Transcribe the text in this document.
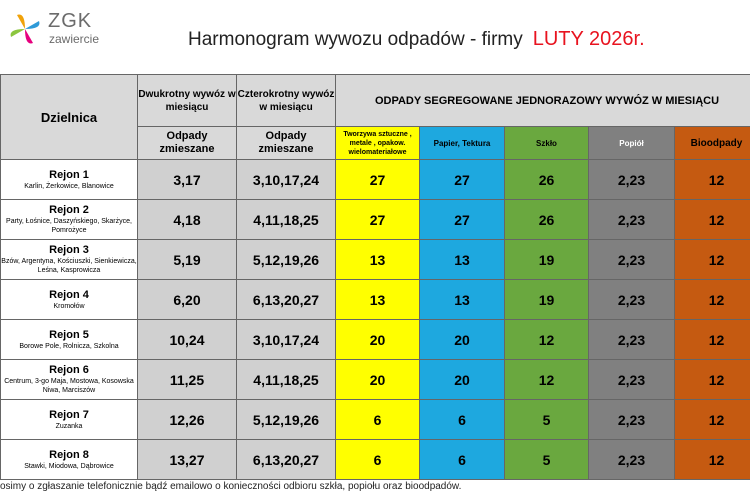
ZGK
zawiercie	Harmonogram wywozu odpadów - firmy LUTY 2026r.
Dzielnica	Dwukrotny wywóz w miesiącu	Czterokrotny wywóz w miesiącu	ODPADY SEGREGOWANE JEDNORAZOWY WYWÓZ W MIESIĄCU				
	Odpady zmieszane	Odpady zmieszane	Tworzywa sztuczne , metale , opakow. wielomateriałowe	Papier, Tektura	Szkło	Popiół	Bioodpady

Rejon 1
Karlin, Żerkowice, Blanowice	3,17	3,10,17,24	27	27	26	2,23	12

Rejon 2
Party, Łośnice, Daszyńskiego, Skarżyce, Pomrożyce	4,18	4,11,18,25	27	27	26	2,23	12

Rejon 3
Bzów, Argentyna, Kościuszki, Sienkiewicza, Leśna, Kasprowicza	5,19	5,12,19,26	13	13	19	2,23	12

Rejon 4
Kromołów	6,20	6,13,20,27	13	13	19	2,23	12

Rejon 5
Borowe Pole, Rolnicza, Szkolna	10,24	3,10,17,24	20	20	12	2,23	12

Rejon 6
Centrum, 3-go Maja, Mostowa, Kosowska Niwa, Marciszów	11,25	4,11,18,25	20	20	12	2,23	12

Rejon 7
Zuzanka	12,26	5,12,19,26	6	6	5	2,23	12

Rejon 8
Stawki, Miodowa, Dąbrowice	13,27	6,13,20,27	6	6	5	2,23	12
osimy o zgłaszanie telefonicznie bądź emailowo o konieczności odbioru szkła, popiołu oraz bioodpadów.
